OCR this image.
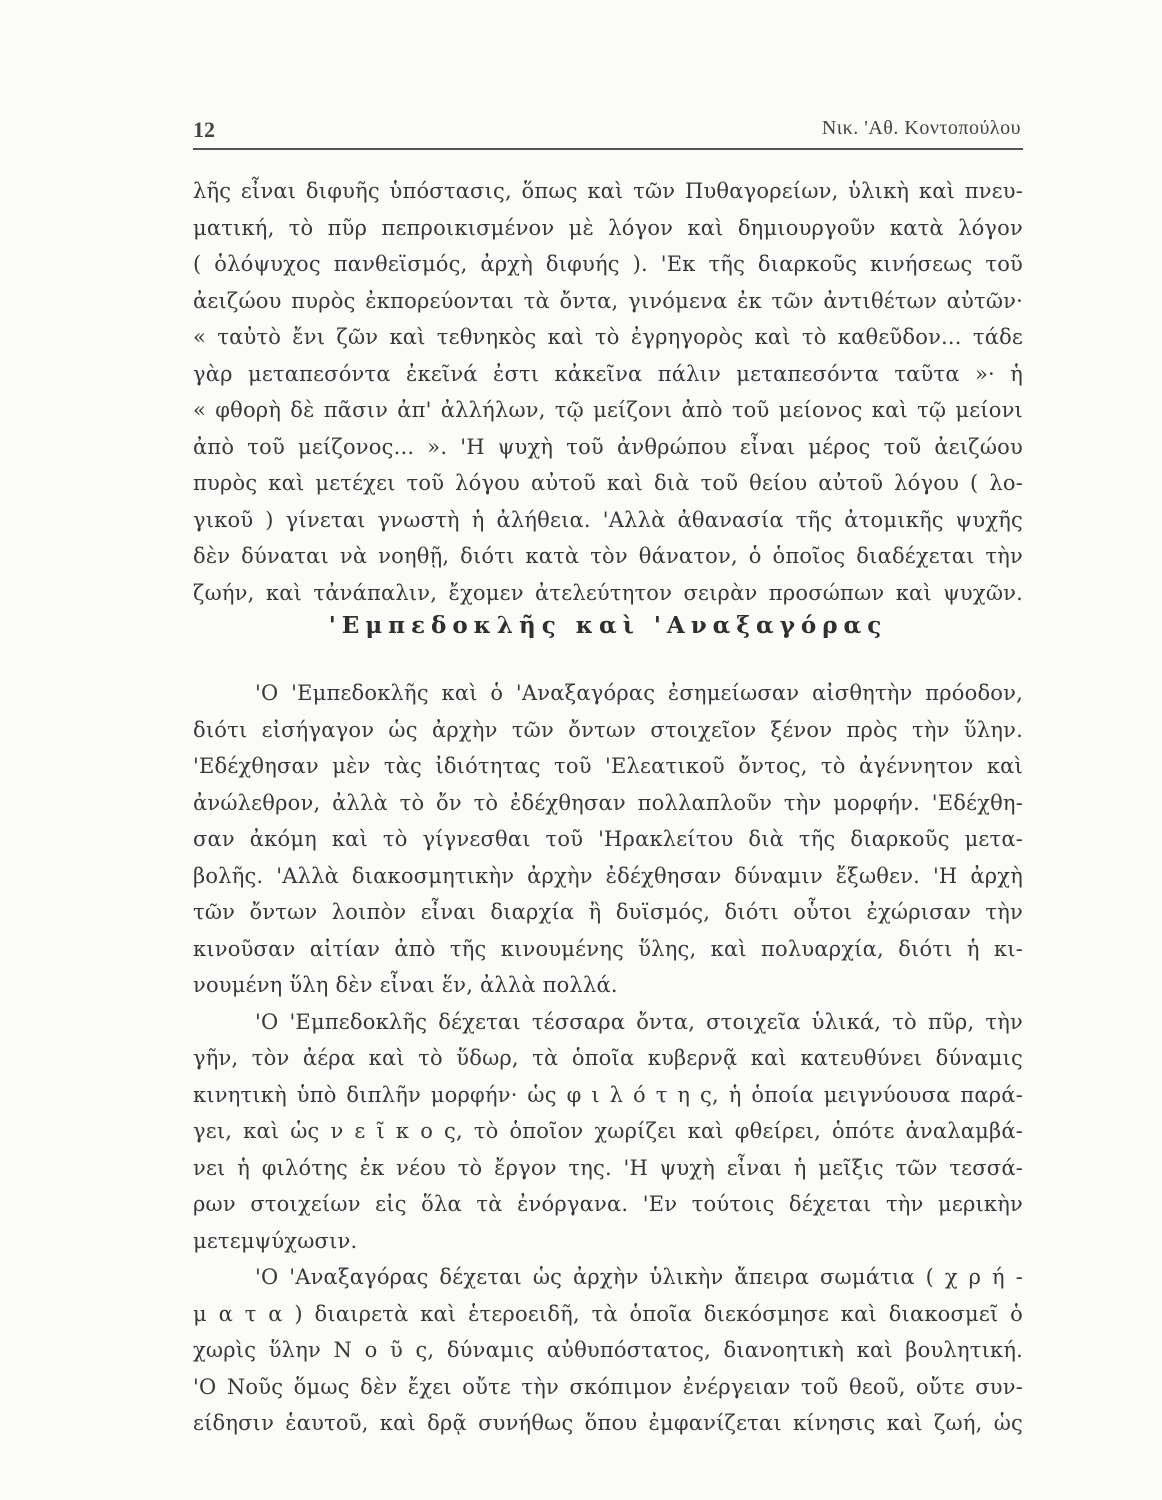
12	Νικ. 'Αθ. Κοντοπούλου
λῆς εἶναι διφυῆς ὑπόστασις, ὅπως καὶ τῶν Πυθαγορείων, ὑλικὴ καὶ πνευ-
ματική, τὸ πῦρ πεπροικισμένον μὲ λόγον καὶ δημιουργοῦν κατὰ λόγον
( ὁλόψυχος πανθεϊσμός, ἀρχὴ διφυής ). 'Εκ τῆς διαρκοῦς κινήσεως τοῦ
ἀειζώου πυρὸς ἐκπορεύονται τὰ ὄντα, γινόμενα ἐκ τῶν ἀντιθέτων αὐτῶν·
« ταὐτὸ ἔνι ζῶν καὶ τεθνηκὸς καὶ τὸ ἐγρηγορὸς καὶ τὸ καθεῦδον... τάδε
γὰρ μεταπεσόντα ἐκεῖνά ἐστι κἀκεῖνα πάλιν μεταπεσόντα ταῦτα »· ἡ
« φθορὴ δὲ πᾶσιν ἀπ' ἀλλήλων, τῷ μείζονι ἀπὸ τοῦ μείονος καὶ τῷ μείονι
ἀπὸ τοῦ μείζονος... ». 'Η ψυχὴ τοῦ ἀνθρώπου εἶναι μέρος τοῦ ἀειζώου
πυρὸς καὶ μετέχει τοῦ λόγου αὐτοῦ καὶ διὰ τοῦ θείου αὐτοῦ λόγου ( λο-
γικοῦ ) γίνεται γνωστὴ ἡ ἀλήθεια. 'Αλλὰ ἀθανασία τῆς ἀτομικῆς ψυχῆς
δὲν δύναται νὰ νοηθῇ, διότι κατὰ τὸν θάνατον, ὁ ὁποῖος διαδέχεται τὴν
ζωήν, καὶ τἀνάπαλιν, ἔχομεν ἀτελεύτητον σειρὰν προσώπων καὶ ψυχῶν.
'Εμπεδοκλῆς καὶ 'Αναξαγόρας
'Ο 'Εμπεδοκλῆς καὶ ὁ 'Αναξαγόρας ἐσημείωσαν αἰσθητὴν πρόοδον,
διότι εἰσήγαγον ὡς ἀρχὴν τῶν ὄντων στοιχεῖον ξένον πρὸς τὴν ὕλην.
'Εδέχθησαν μὲν τὰς ἰδιότητας τοῦ 'Ελεατικοῦ ὄντος, τὸ ἀγέννητον καὶ
ἀνώλεθρον, ἀλλὰ τὸ ὄν τὸ ἐδέχθησαν πολλαπλοῦν τὴν μορφήν. 'Εδέχθη-
σαν ἀκόμη καὶ τὸ γίγνεσθαι τοῦ 'Ηρακλείτου διὰ τῆς διαρκοῦς μετα-
βολῆς. 'Αλλὰ διακοσμητικὴν ἀρχὴν ἐδέχθησαν δύναμιν ἔξωθεν. 'Η ἀρχὴ
τῶν ὄντων λοιπὸν εἶναι διαρχία ἢ δυϊσμός, διότι οὗτοι ἐχώρισαν τὴν
κινοῦσαν αἰτίαν ἀπὸ τῆς κινουμένης ὕλης, καὶ πολυαρχία, διότι ἡ κι-
νουμένη ὕλη δὲν εἶναι ἕν, ἀλλὰ πολλά.
'Ο 'Εμπεδοκλῆς δέχεται τέσσαρα ὄντα, στοιχεῖα ὑλικά, τὸ πῦρ, τὴν
γῆν, τὸν ἀέρα καὶ τὸ ὕδωρ, τὰ ὁποῖα κυβερνᾷ καὶ κατευθύνει δύναμις
κινητικὴ ὑπὸ διπλῆν μορφήν· ὡς φ ι λ ό τ η ς, ἡ ὁποία μειγνύουσα παρά-
γει, καὶ ὡς ν ε ῖ κ ο ς, τὸ ὁποῖον χωρίζει καὶ φθείρει, ὁπότε ἀναλαμβά-
νει ἡ φιλότης ἐκ νέου τὸ ἔργον της. 'Η ψυχὴ εἶναι ἡ μεῖξις τῶν τεσσά-
ρων στοιχείων εἰς ὅλα τὰ ἐνόργανα. 'Εν τούτοις δέχεται τὴν μερικὴν
μετεμψύχωσιν.
'Ο 'Αναξαγόρας δέχεται ὡς ἀρχὴν ὑλικὴν ἄπειρα σωμάτια ( χ ρ ή -
μ α τ α ) διαιρετὰ καὶ ἑτεροειδῆ, τὰ ὁποῖα διεκόσμησε καὶ διακοσμεῖ ὁ
χωρὶς ὕλην Ν ο ῦ ς, δύναμις αὐθυπόστατος, διανοητικὴ καὶ βουλητική.
'Ο Νοῦς ὅμως δὲν ἔχει οὔτε τὴν σκόπιμον ἐνέργειαν τοῦ θεοῦ, οὔτε συν-
είδησιν ἑαυτοῦ, καὶ δρᾷ συνήθως ὅπου ἐμφανίζεται κίνησις καὶ ζωή, ὡς
